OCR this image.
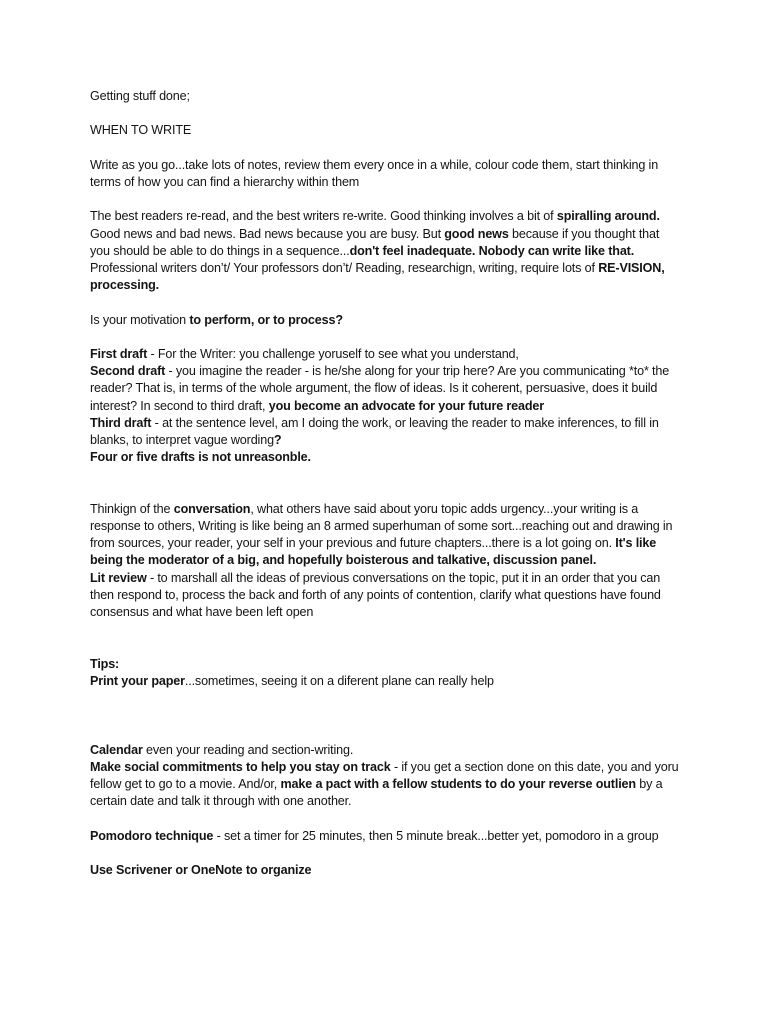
Getting stuff done;

WHEN TO WRITE

Write as you go...take lots of notes, review them every once in a while, colour code them, start thinking in terms of how you can find a hierarchy within them

The best readers re-read, and the best writers re-write. Good thinking involves a bit of spiralling around. Good news and bad news. Bad news because you are busy. But good news because if you thought that you should be able to do things in a sequence...don't feel inadequate. Nobody can write like that. Professional writers don’t/ Your professors don’t/ Reading, researchign, writing, require lots of RE-VISION, processing.

Is your motivation to perform, or to process?

First draft - For the Writer: you challenge yoruself to see what you understand,

Second draft - you imagine the reader - is he/she along for your trip here? Are you communicating *to* the reader? That is, in terms of the whole argument, the flow of ideas. Is it coherent, persuasive, does it build interest? In second to third draft, you become an advocate for your future reader

Third draft - at the sentence level, am I doing the work, or leaving the reader to make inferences, to fill in blanks, to interpret vague wording?

Four or five drafts is not unreasonble.

Thinkign of the conversation, what others have said about yoru topic adds urgency...your writing is a response to others, Writing is like being an 8 armed superhuman of some sort...reaching out and drawing in from sources, your reader, your self in your previous and future chapters...there is a lot going on. It's like being the moderator of a big, and hopefully boisterous and talkative, discussion panel.

Lit review - to marshall all the ideas of previous conversations on the topic, put it in an order that you can then respond to, process the back and forth of any points of contention, clarify what questions have found consensus and what have been left open

Tips:

Print your paper...sometimes, seeing it on a diferent plane can really help

Calendar even your reading and section-writing.

Make social commitments to help you stay on track - if you get a section done on this date, you and yoru fellow get to go to a movie. And/or, make a pact with a fellow students to do your reverse outlien by a certain date and talk it through with one another.

Pomodoro technique - set a timer for 25 minutes, then 5 minute break...better yet, pomodoro in a group

Use Scrivener or OneNote to organize
